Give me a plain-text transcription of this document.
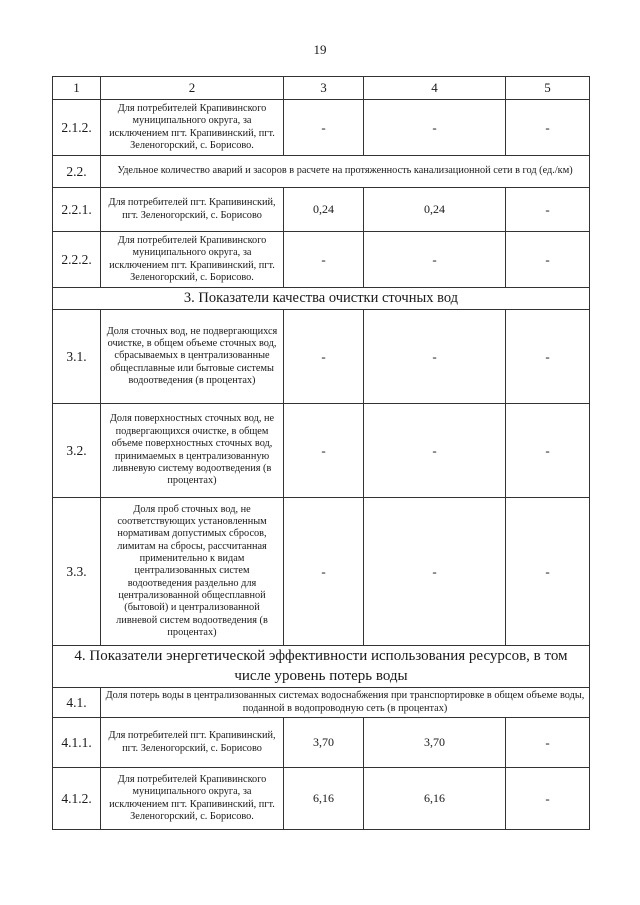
19
1	2	3	4	5
2.1.2.	Для потребителей Крапивинского муниципального округа, за исключением пгт. Крапивинский, пгт. Зеленогорский, с. Борисово.	-	-	-
2.2.	Удельное количество аварий и засоров в расчете на протяженность канализационной сети в год (ед./км)			
2.2.1.	Для потребителей пгт. Крапивинский, пгт. Зеленогорский, с. Борисово	0,24	0,24	-
2.2.2.	Для потребителей Крапивинского муниципального округа, за исключением пгт. Крапивинский, пгт. Зеленогорский, с. Борисово.	-	-	-
3. Показатели качества очистки сточных вод				
3.1.	Доля сточных вод, не подвергающихся очистке, в общем объеме сточных вод, сбрасываемых в централизованные общесплавные или бытовые системы водоотведения (в процентах)	-	-	-
3.2.	Доля поверхностных сточных вод, не подвергающихся очистке, в общем объеме поверхностных сточных вод, принимаемых в централизованную ливневую систему водоотведения (в процентах)	-	-	-
3.3.	Доля проб сточных вод, не соответствующих установленным нормативам допустимых сбросов, лимитам на сбросы, рассчитанная применительно к видам централизованных систем водоотведения раздельно для централизованной общесплавной (бытовой) и централизованной ливневой систем водоотведения (в процентах)	-	-	-
4. Показатели энергетической эффективности использования ресурсов, в том числе уровень потерь воды				
4.1.	Доля потерь воды в централизованных системах водоснабжения при транспортировке в общем объеме воды, поданной в водопроводную сеть (в процентах)			
4.1.1.	Для потребителей пгт. Крапивинский, пгт. Зеленогорский, с. Борисово	3,70	3,70	-
4.1.2.	Для потребителей Крапивинского муниципального округа, за исключением пгт. Крапивинский, пгт. Зеленогорский, с. Борисово.	6,16	6,16	-
